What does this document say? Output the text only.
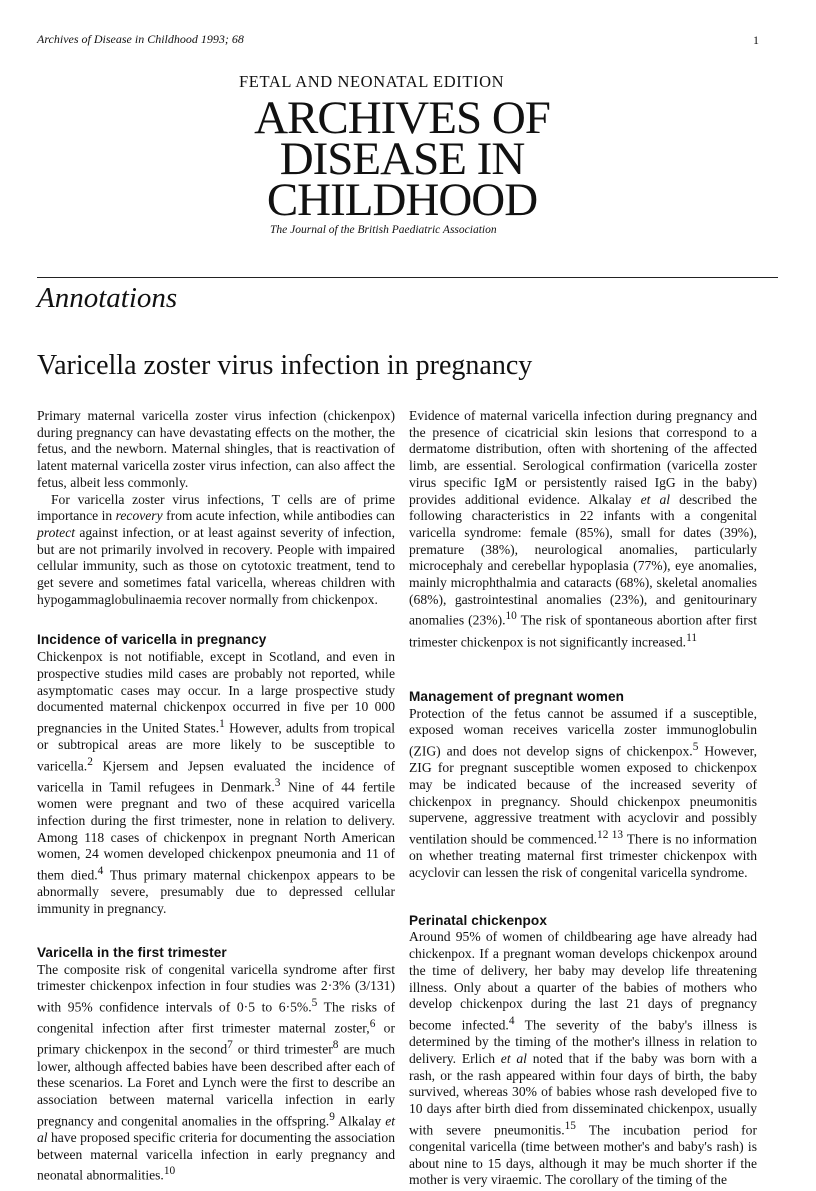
Archives of Disease in Childhood 1993; 68	1
FETAL AND NEONATAL EDITION
ARCHIVES OF
DISEASE IN
CHILDHOOD
The Journal of the British Paediatric Association
Annotations
Varicella zoster virus infection in pregnancy

Primary maternal varicella zoster virus infection (chickenpox) during pregnancy can have devastating effects on the mother, the fetus, and the newborn. Maternal shingles, that is reactivation of latent maternal varicella zoster virus infection, can also affect the fetus, albeit less commonly.

For varicella zoster virus infections, T cells are of prime importance in recovery from acute infection, while antibodies can protect against infection, or at least against severity of infection, but are not primarily involved in recovery. People with impaired cellular immunity, such as those on cytotoxic treatment, tend to get severe and sometimes fatal varicella, whereas children with hypogammaglobulinaemia recover normally from chickenpox.

Incidence of varicella in pregnancy

Chickenpox is not notifiable, except in Scotland, and even in prospective studies mild cases are probably not reported, while asymptomatic cases may occur. In a large prospective study documented maternal chickenpox occurred in five per 10 000 pregnancies in the United States.$^1$ However, adults from tropical or subtropical areas are more likely to be susceptible to varicella.$^2$ Kjersem and Jepsen evaluated the incidence of varicella in Tamil refugees in Denmark.$^3$ Nine of 44 fertile women were pregnant and two of these acquired varicella infection during the first trimester, none in relation to delivery. Among 118 cases of chickenpox in pregnant North American women, 24 women developed chickenpox pneumonia and 11 of them died.$^4$ Thus primary maternal chickenpox appears to be abnormally severe, presumably due to depressed cellular immunity in pregnancy.

Varicella in the first trimester

The composite risk of congenital varicella syndrome after first trimester chickenpox infection in four studies was 2·3% (3/131) with 95% confidence intervals of 0·5 to 6·5%.$^5$ The risks of congenital infection after first trimester maternal zoster,$^6$ or primary chickenpox in the second$^7$ or third trimester$^8$ are much lower, although affected babies have been described after each of these scenarios. La Foret and Lynch were the first to describe an association between maternal varicella infection in early pregnancy and congenital anomalies in the offspring.$^9$ Alkalay et al have proposed specific criteria for documenting the association between maternal varicella infection in early pregnancy and neonatal abnormalities.$^{10}$

Evidence of maternal varicella infection during pregnancy and the presence of cicatricial skin lesions that correspond to a dermatome distribution, often with shortening of the affected limb, are essential. Serological confirmation (varicella zoster virus specific IgM or persistently raised IgG in the baby) provides additional evidence. Alkalay et al described the following characteristics in 22 infants with a congenital varicella syndrome: female (85%), small for dates (39%), premature (38%), neurological anomalies, particularly microcephaly and cerebellar hypoplasia (77%), eye anomalies, mainly microphthalmia and cataracts (68%), skeletal anomalies (68%), gastrointestinal anomalies (23%), and genitourinary anomalies (23%).$^{10}$ The risk of spontaneous abortion after first trimester chickenpox is not significantly increased.$^{11}$

Management of pregnant women

Protection of the fetus cannot be assumed if a susceptible, exposed woman receives varicella zoster immunoglobulin (ZIG) and does not develop signs of chickenpox.$^5$ However, ZIG for pregnant susceptible women exposed to chickenpox may be indicated because of the increased severity of chickenpox in pregnancy. Should chickenpox pneumonitis supervene, aggressive treatment with acyclovir and possibly ventilation should be commenced.$^{12 13}$ There is no information on whether treating maternal first trimester chickenpox with acyclovir can lessen the risk of congenital varicella syndrome.

Perinatal chickenpox

Around 95% of women of childbearing age have already had chickenpox. If a pregnant woman develops chickenpox around the time of delivery, her baby may develop life threatening illness. Only about a quarter of the babies of mothers who develop chickenpox during the last 21 days of pregnancy become infected.$^4$ The severity of the baby's illness is determined by the timing of the mother's illness in relation to delivery. Erlich et al noted that if the baby was born with a rash, or the rash appeared within four days of birth, the baby survived, whereas 30% of babies whose rash developed five to 10 days after birth died from disseminated chickenpox, usually with severe pneumonitis.$^{15}$ The incubation period for congenital varicella (time between mother's and baby's rash) is about nine to 15 days, although it may be much shorter if the mother is very viraemic. The corollary of the timing of the
